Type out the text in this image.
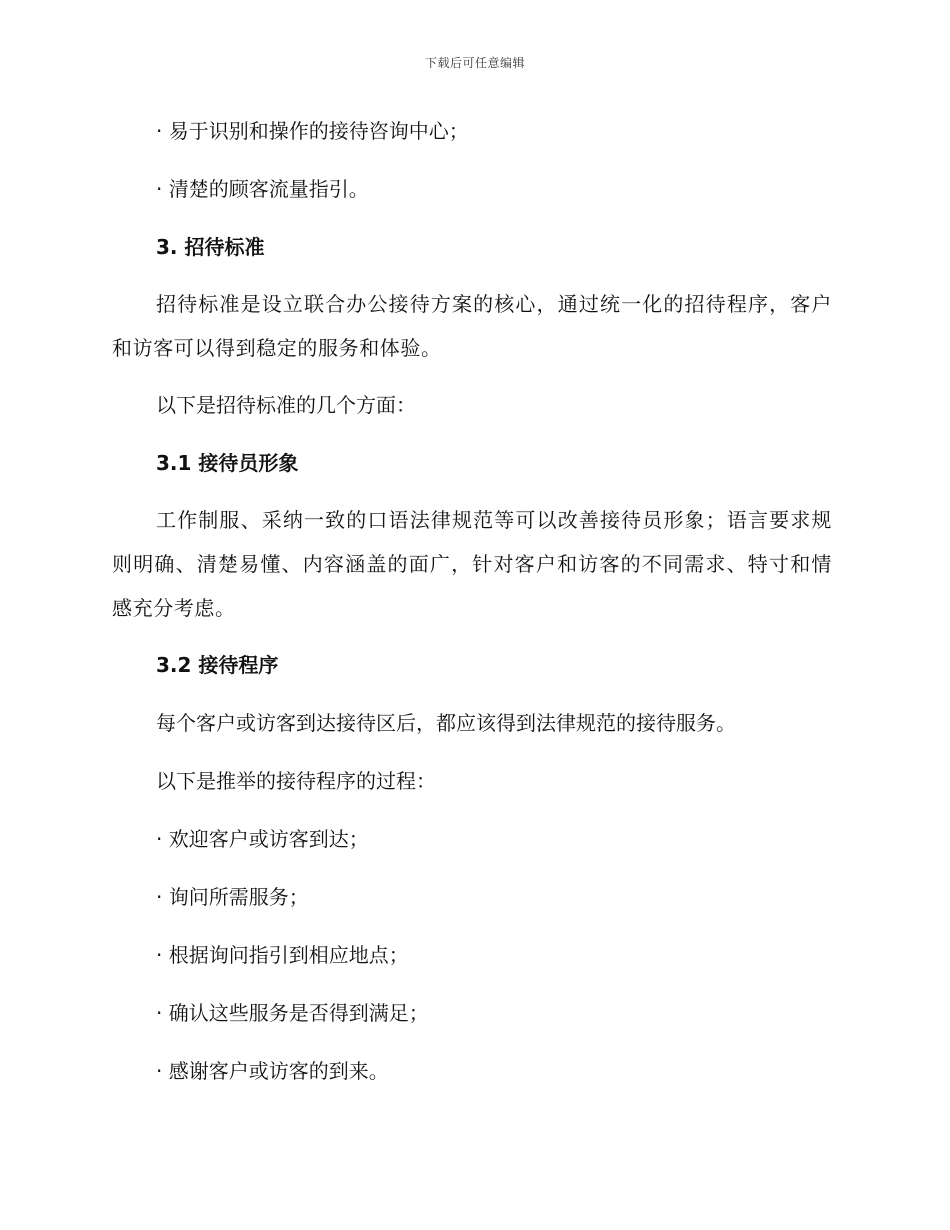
下载后可任意编辑

· 易于识别和操作的接待咨询中心；

· 清楚的顾客流量指引。

3. 招待标准

招待标准是设立联合办公接待方案的核心，通过统一化的招待程序，客户和访客可以得到稳定的服务和体验。

以下是招待标准的几个方面：

3.1 接待员形象

工作制服、采纳一致的口语法律规范等可以改善接待员形象；语言要求规则明确、清楚易懂、内容涵盖的面广，针对客户和访客的不同需求、特寸和情感充分考虑。

3.2 接待程序

每个客户或访客到达接待区后，都应该得到法律规范的接待服务。

以下是推举的接待程序的过程：

· 欢迎客户或访客到达；

· 询问所需服务；

· 根据询问指引到相应地点；

· 确认这些服务是否得到满足；

· 感谢客户或访客的到来。
